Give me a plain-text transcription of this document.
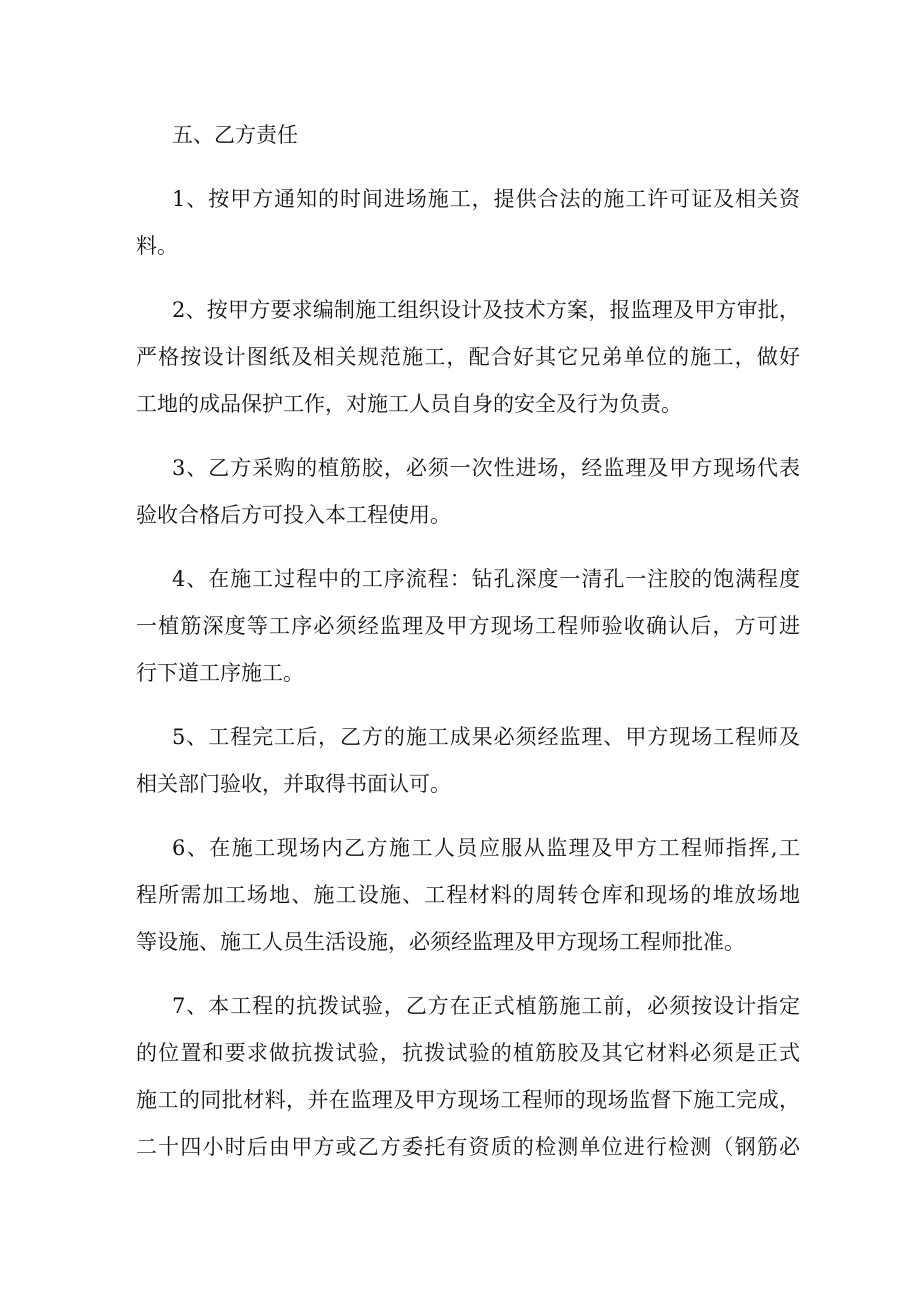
五、乙方责任
1、按甲方通知的时间进场施工，提供合法的施工许可证及相关资
料。
2、按甲方要求编制施工组织设计及技术方案，报监理及甲方审批，
严格按设计图纸及相关规范施工，配合好其它兄弟单位的施工，做好
工地的成品保护工作，对施工人员自身的安全及行为负责。
3、乙方采购的植筋胶，必须一次性进场，经监理及甲方现场代表
验收合格后方可投入本工程使用。
4、在施工过程中的工序流程：钻孔深度一清孔一注胶的饱满程度
一植筋深度等工序必须经监理及甲方现场工程师验收确认后，方可进
行下道工序施工。
5、工程完工后，乙方的施工成果必须经监理、甲方现场工程师及
相关部门验收，并取得书面认可。
6、在施工现场内乙方施工人员应服从监理及甲方工程师指挥,工
程所需加工场地、施工设施、工程材料的周转仓库和现场的堆放场地
等设施、施工人员生活设施，必须经监理及甲方现场工程师批准。
7、本工程的抗拨试验，乙方在正式植筋施工前，必须按设计指定
的位置和要求做抗拨试验，抗拨试验的植筋胶及其它材料必须是正式
施工的同批材料，并在监理及甲方现场工程师的现场监督下施工完成，
二十四小时后由甲方或乙方委托有资质的检测单位进行检测（钢筋必
